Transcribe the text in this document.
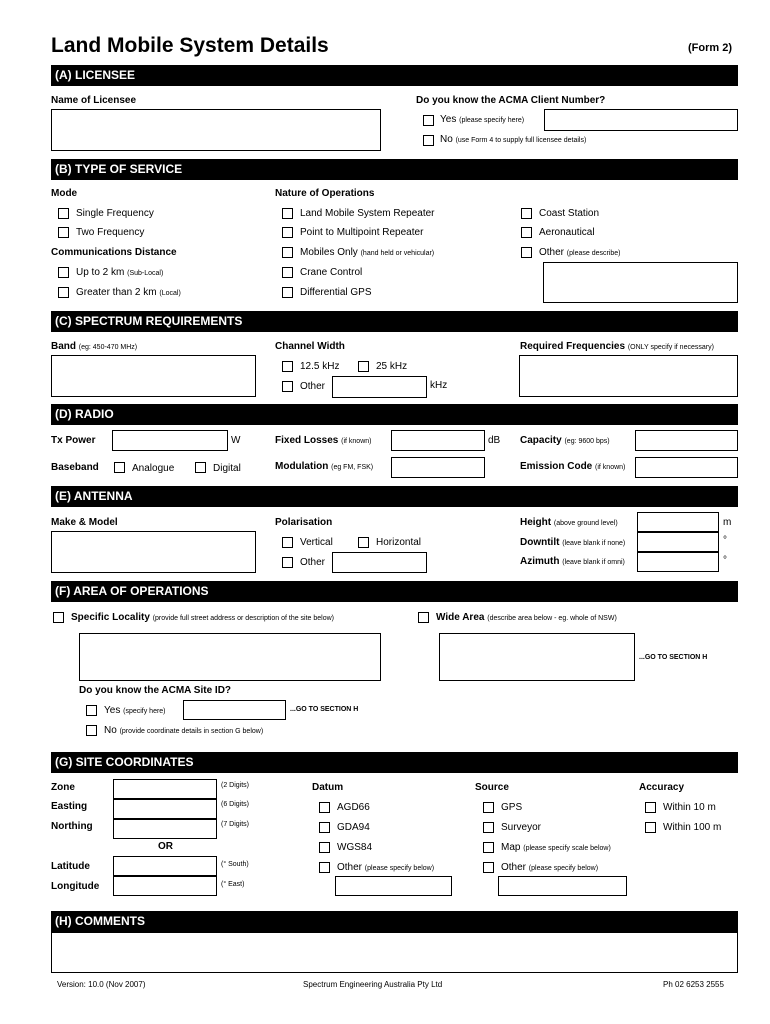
Land Mobile System Details	(Form 2)
(A) LICENSEE
Name of Licensee	Do you know the ACMA Client Number?
Yes (please specify here)
No (use Form 4 to supply full licensee details)
(B) TYPE OF SERVICE
Mode
Single Frequency
Two Frequency
Communications Distance
Up to 2 km (Sub-Local)
Greater than 2 km (Local)
Nature of Operations
Land Mobile System Repeater
Point to Multipoint Repeater
Mobiles Only (hand held or vehicular)
Crane Control
Differential GPS
Coast Station
Aeronautical
Other (please describe)
(C) SPECTRUM REQUIREMENTS
Band (eg: 450-470 MHz)	Channel Width
12.5 kHz	25 kHz
Other	kHz
Required Frequencies (ONLY specify if necessary)
(D) RADIO
Tx Power	W	Fixed Losses (if known)	dB Capacity (eg: 9600 bps)
Baseband	Analogue	Digital	Modulation (eg FM, FSK)	Emission Code (if known)
(E) ANTENNA
Make & Model	Polarisation
Vertical	Horizontal
Other
Height (above ground level)	m
Downtilt (leave blank if none)	°
Azimuth (leave blank if omni)	°
(F) AREA OF OPERATIONS
Specific Locality (provide full street address or description of the site below)	Wide Area (describe area below - eg. whole of NSW)
...GO TO SECTION H
Do you know the ACMA Site ID?
Yes (specify here)	...GO TO SECTION H
No (provide coordinate details in section G below)
(G) SITE COORDINATES
Zone	(2 Digits)
Easting	(6 Digits)
Northing	(7 Digits)
OR
Latitude	(° South)
Longitude	(° East)
Datum
AGD66
GDA94
WGS84
Other (please specify below)
Source
GPS
Surveyor
Map (please specify scale below)
Other (please specify below)
Accuracy
Within 10 m
Within 100 m
(H) COMMENTS
Version: 10.0 (Nov 2007)	Spectrum Engineering Australia Pty Ltd	Ph 02 6253 2555
